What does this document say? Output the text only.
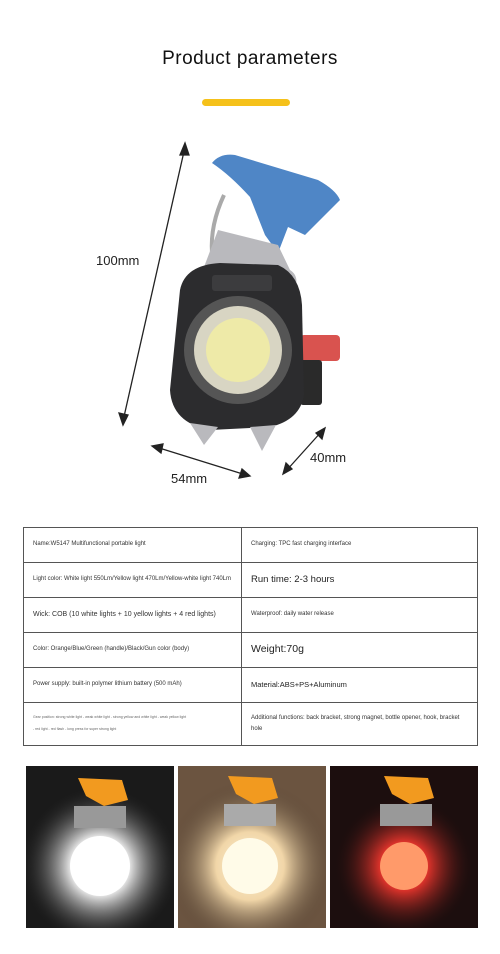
Product parameters
100mm
54mm
40mm
Name:W5147 Multifunctional portable light	Charging: TPC fast charging interface
Light color: White light 550Lm/Yellow light 470Lm/Yellow-white light 740Lm	Run time: 2-3 hours
Wick: COB (10 white lights + 10 yellow lights + 4 red lights)	Waterproof: daily water release
Color: Orange/Blue/Green (handle)/Black/Gun color (body)	Weight:70g
Power supply: built-in polymer lithium battery (500 mAh)	Material:ABS+PS+Aluminum

Gear position: strong white light - weak white light - strong yellow and white light - weak yellow light
- red light - red flash - long press for super strong light	Additional functions: back bracket, strong magnet, bottle opener, hook, bracket hole
